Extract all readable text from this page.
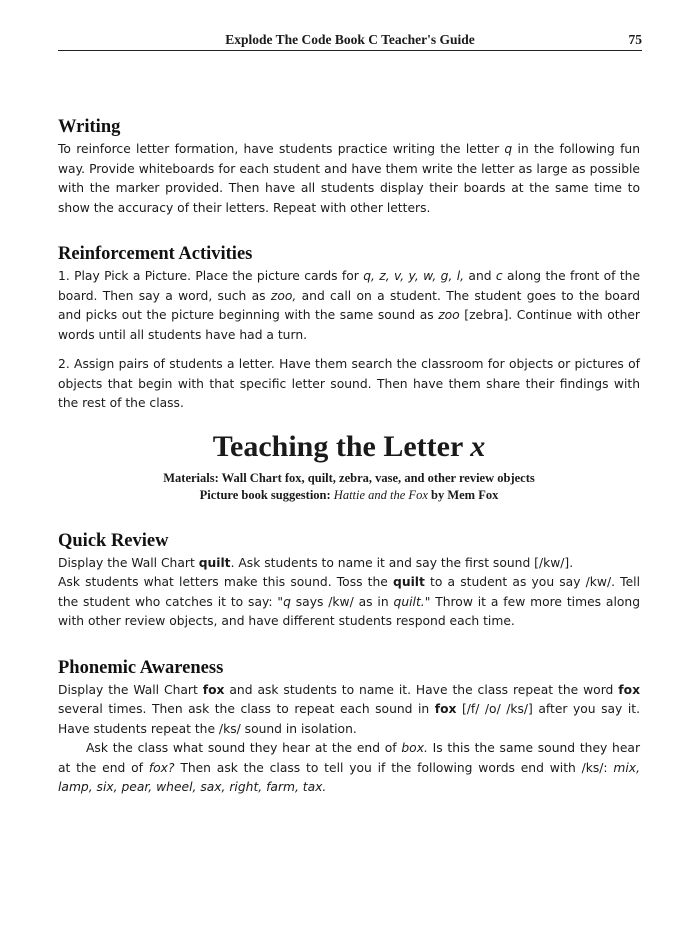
Explode The Code Book C Teacher's Guide	75
Writing

To reinforce letter formation, have students practice writing the letter q in the following fun way. Provide whiteboards for each student and have them write the letter as large as possible with the marker provided. Then have all students display their boards at the same time to show the accuracy of their letters. Repeat with other letters.

Reinforcement Activities

1. Play Pick a Picture. Place the picture cards for q, z, v, y, w, g, l, and c along the front of the board. Then say a word, such as zoo, and call on a student. The student goes to the board and picks out the picture beginning with the same sound as zoo [zebra]. Continue with other words until all students have had a turn.

2. Assign pairs of students a letter. Have them search the classroom for objects or pictures of objects that begin with that specific letter sound. Then have them share their findings with the rest of the class.

Teaching the Letter x
Materials: Wall Chart fox, quilt, zebra, vase, and other review objects
Picture book suggestion: Hattie and the Fox by Mem Fox
Quick Review

Display the Wall Chart quilt. Ask students to name it and say the first sound [/kw/].
Ask students what letters make this sound. Toss the quilt to a student as you say /kw/. Tell the student who catches it to say: "q says /kw/ as in quilt." Throw it a few more times along with other review objects, and have different students respond each time.

Phonemic Awareness

Display the Wall Chart fox and ask students to name it. Have the class repeat the word fox several times. Then ask the class to repeat each sound in fox [/f/ /o/ /ks/] after you say it. Have students repeat the /ks/ sound in isolation.

Ask the class what sound they hear at the end of box. Is this the same sound they hear at the end of fox? Then ask the class to tell you if the following words end with /ks/: mix, lamp, six, pear, wheel, sax, right, farm, tax.
